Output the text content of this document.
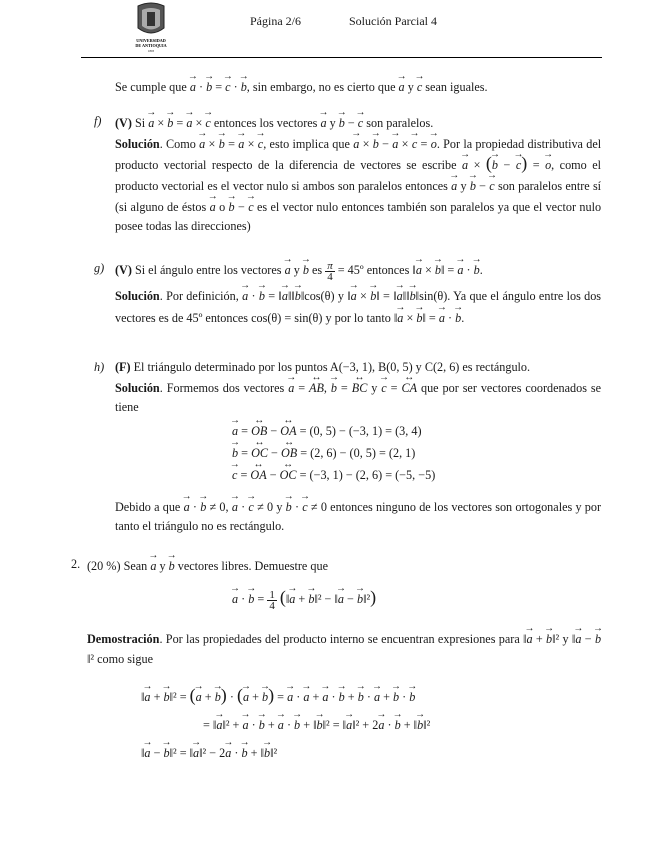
UNIVERSIDAD
DE ANTIOQUIA
1803
Página 2/6	Solución Parcial 4
Se cumple que → a · → b = → c · → b, sin embargo, no es cierto que → a y → c sean iguales.
f) (V) Si → a × → b = → a × → c entonces los vectores → a y → b − → c son paralelos.
Solución. Como → a × → b = → a × → c, esto implica que → a × → b − → a × → c = → o. Por la propiedad distributiva del producto vectorial respecto de la diferencia de vectores se escribe → a × (→ b − → c) = → o, como el producto vectorial es el vector nulo si ambos son paralelos entonces → a y → b − → c son paralelos entre sí (si alguno de éstos → a o → b − → c es el vector nulo entonces también son paralelos ya que el vector nulo posee todas las direcciones)
g) (V) Si el ángulo entre los vectores → a y → b es $\frac{\pi}{4}$ = 45º entonces ‖→ a × → b‖ = → a · → b.
Solución. Por definición, → a · → b = ‖→ a‖‖→ b‖cos(θ) y ‖→ a × → b‖ = ‖→ a‖‖→ b‖sin(θ). Ya que el ángulo entre los dos vectores es de 45º entonces cos(θ) = sin(θ) y por lo tanto ‖→ a × → b‖ = → a · → b.
h) (F) El triángulo determinado por los puntos A(−3, 1), B(0, 5) y C(2, 6) es rectángulo.
Solución. Formemos dos vectores → a = ↔ AB, → b = ↔ BC y → c = ↔ CA que por ser vectores coordenados se tiene
→ a = ↔ OB − ↔ OA = (0, 5) − (−3, 1) = (3, 4)
→ b = ↔ OC − ↔ OB = (2, 6) − (0, 5) = (2, 1)
→ c = ↔ OA − ↔ OC = (−3, 1) − (2, 6) = (−5, −5)
Debido a que → a · → b ≠ 0, → a · → c ≠ 0 y → b · → c ≠ 0 entonces ninguno de los vectores son ortogonales y por tanto el triángulo no es rectángulo.
2. (20 %) Sean → a y → b vectores libres. Demuestre que
→ a · → $b = \frac{1}{4}$ (‖→ a + → b‖² − ‖→ a − → b‖²)
Demostración. Por las propiedades del producto interno se encuentran expresiones para ‖→ a + → b‖² y ‖→ a − → b‖² como sigue
‖→ a + → b‖² = (→ a + → b) · (→ a + → b) = → a · → a + → a · → b + → b · → a + → b · → b
= ‖→ a‖² + → a · → b + → a · → b + ‖→ b‖² = ‖→ a‖² + 2→ a · → b + ‖→ b‖²
‖→ a − → b‖² = ‖→ a‖² − 2→ a · → b + ‖→ b‖²
